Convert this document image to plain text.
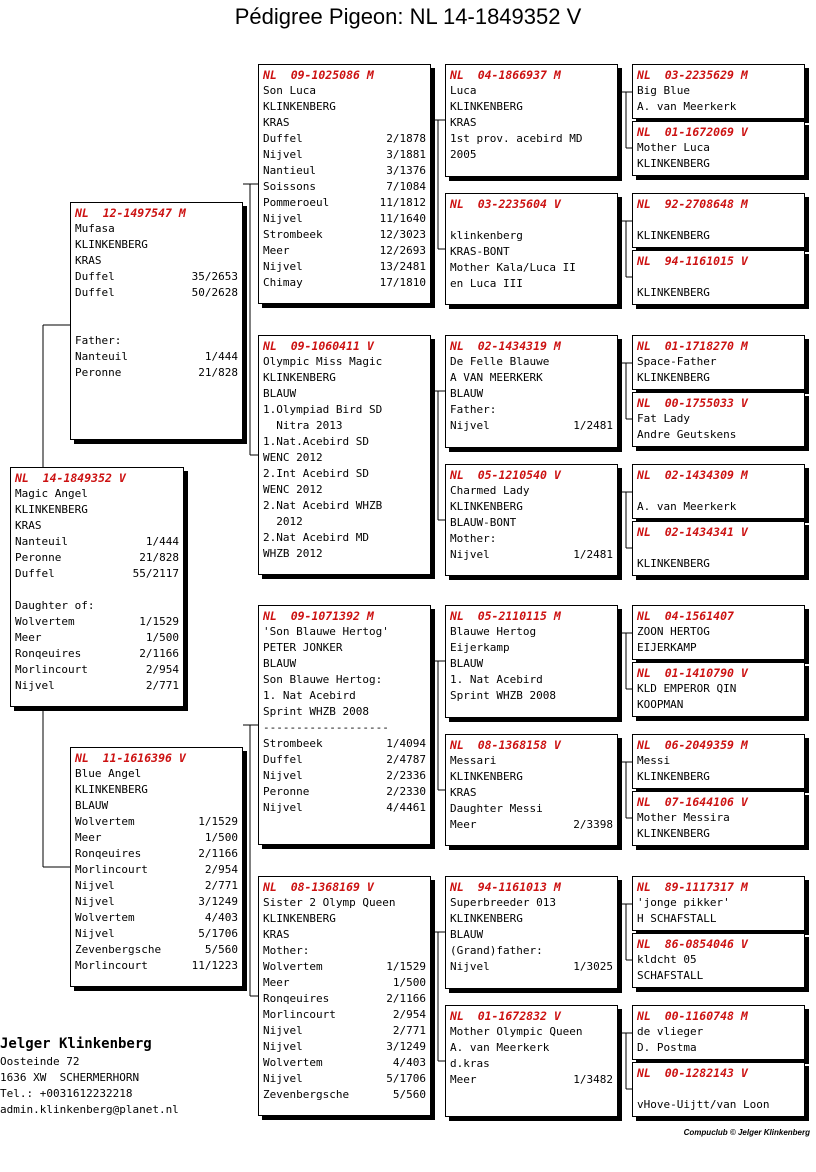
Pédigree Pigeon: NL 14-1849352 V
NL  14-1849352 V
Magic Angel
KLINKENBERG
KRAS
Nanteuil	1/444
Peronne	21/828
Duffel	55/2117
Daughter of:
Wolvertem	1/1529
Meer	1/500
Ronqeuires	2/1166
Morlincourt	2/954
Nijvel	2/771
NL  12-1497547 M
Mufasa
KLINKENBERG
KRAS
Duffel	35/2653
Duffel	50/2628
Father:
Nanteuil	1/444
Peronne	21/828
NL  11-1616396 V
Blue Angel
KLINKENBERG
BLAUW
Wolvertem	1/1529
Meer	1/500
Ronqeuires	2/1166
Morlincourt	2/954
Nijvel	2/771
Nijvel	3/1249
Wolvertem	4/403
Nijvel	5/1706
Zevenbergsche	5/560
Morlincourt	11/1223
NL  09-1025086 M
Son Luca
KLINKENBERG
KRAS
Duffel	2/1878
Nijvel	3/1881
Nantieul	3/1376
Soissons	7/1084
Pommeroeul	11/1812
Nijvel	11/1640
Strombeek	12/3023
Meer	12/2693
Nijvel	13/2481
Chimay	17/1810
NL  09-1060411 V
Olympic Miss Magic
KLINKENBERG
BLAUW
1.Olympiad Bird SD
Nitra 2013
1.Nat.Acebird SD
WENC 2012
2.Int Acebird SD
WENC 2012
2.Nat Acebird WHZB
2012
2.Nat Acebird MD
WHZB 2012
NL  09-1071392 M
'Son Blauwe Hertog'
PETER JONKER
BLAUW
Son Blauwe Hertog:
1. Nat Acebird
Sprint WHZB 2008
-------------------
Strombeek	1/4094
Duffel	2/4787
Nijvel	2/2336
Peronne	2/2330
Nijvel	4/4461
NL  08-1368169 V
Sister 2 Olymp Queen
KLINKENBERG
KRAS
Mother:
Wolvertem	1/1529
Meer	1/500
Ronqeuires	2/1166
Morlincourt	2/954
Nijvel	2/771
Nijvel	3/1249
Wolvertem	4/403
Nijvel	5/1706
Zevenbergsche	5/560
NL  04-1866937 M
Luca
KLINKENBERG
KRAS
1st prov. acebird MD
2005
NL  03-2235604 V
klinkenberg
KRAS-BONT
Mother Kala/Luca II
en Luca III
NL  02-1434319 M
De Felle Blauwe
A VAN MEERKERK
BLAUW
Father:
Nijvel	1/2481
NL  05-1210540 V
Charmed Lady
KLINKENBERG
BLAUW-BONT
Mother:
Nijvel	1/2481
NL  05-2110115 M
Blauwe Hertog
Eijerkamp
BLAUW
1. Nat Acebird
Sprint WHZB 2008
NL  08-1368158 V
Messari
KLINKENBERG
KRAS
Daughter Messi
Meer	2/3398
NL  94-1161013 M
Superbreeder 013
KLINKENBERG
BLAUW
(Grand)father:
Nijvel	1/3025
NL  01-1672832 V
Mother Olympic Queen
A. van Meerkerk
d.kras
Meer	1/3482
NL  03-2235629 M
Big Blue
A. van Meerkerk
NL  01-1672069 V
Mother Luca
KLINKENBERG
NL  92-2708648 M
KLINKENBERG
NL  94-1161015 V
KLINKENBERG
NL  01-1718270 M
Space-Father
KLINKENBERG
NL  00-1755033 V
Fat Lady
Andre Geutskens
NL  02-1434309 M
A. van Meerkerk
NL  02-1434341 V
KLINKENBERG
NL  04-1561407
ZOON HERTOG
EIJERKAMP
NL  01-1410790 V
KLD EMPEROR QIN
KOOPMAN
NL  06-2049359 M
Messi
KLINKENBERG
NL  07-1644106 V
Mother Messira
KLINKENBERG
NL  89-1117317 M
'jonge pikker'
H SCHAFSTALL
NL  86-0854046 V
kldcht 05
SCHAFSTALL
NL  00-1160748 M
de vlieger
D. Postma
NL  00-1282143 V
vHove-Uijtt/van Loon
Jelger Klinkenberg
Oosteinde 72
1636 XW  SCHERMERHORN
Tel.: +0031612232218
admin.klinkenberg@planet.nl
Compuclub © Jelger Klinkenberg
